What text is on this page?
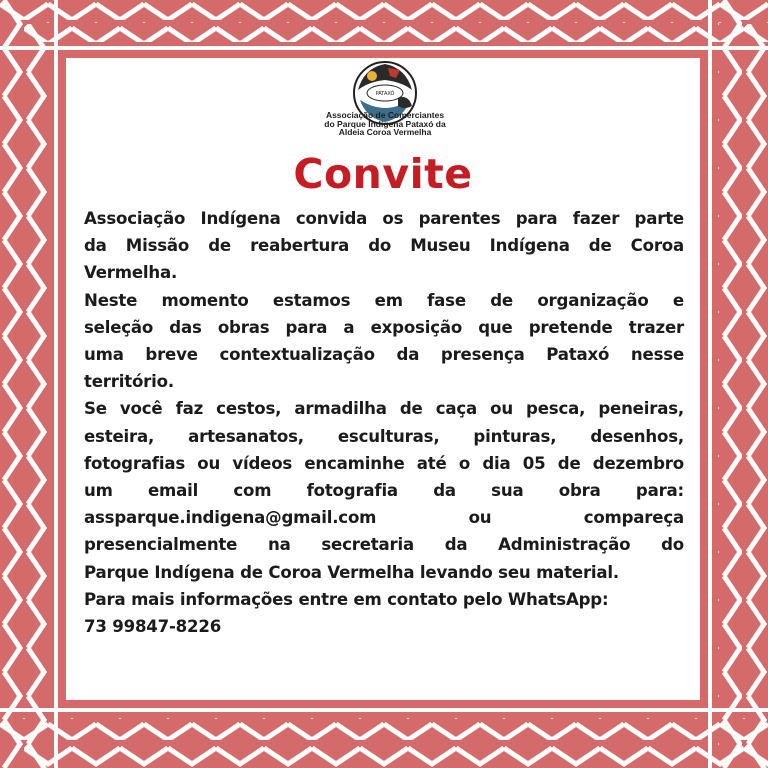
PATAXÓ
Associação de Comerciantes
do Parque Indígena Pataxó da
Aldeia Coroa Vermelha
Convite
Associação Indígena convida os parentes para fazer parte
da Missão de reabertura do Museu Indígena de Coroa
Vermelha.
Neste momento estamos em fase de organização e
seleção das obras para a exposição que pretende trazer
uma breve contextualização da presença Pataxó nesse
território.
Se você faz cestos, armadilha de caça ou pesca, peneiras,
esteira, artesanatos, esculturas, pinturas, desenhos,
fotografias ou vídeos encaminhe até o dia 05 de dezembro
um email com fotografia da sua obra para:
assparque.indigena@gmail.com	ou	compareça
presencialmente na secretaria da Administração do
Parque Indígena de Coroa Vermelha levando seu material.
Para mais informações entre em contato pelo WhatsApp:
73 99847-8226
